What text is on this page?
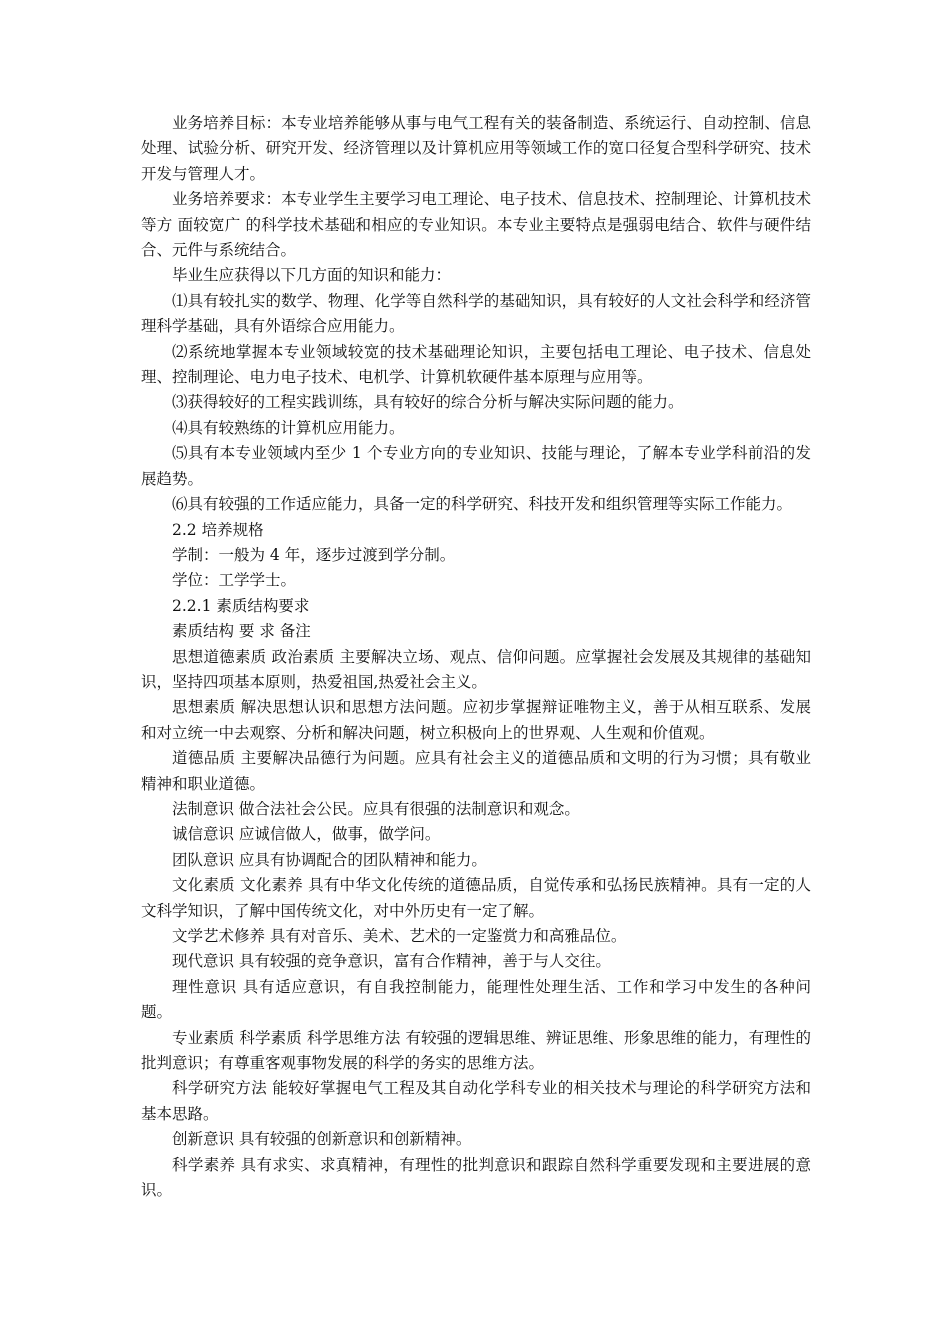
业务培养目标：本专业培养能够从事与电气工程有关的装备制造、系统运行、自动控制、信息处理、试验分析、研究开发、经济管理以及计算机应用等领域工作的宽口径复合型科学研究、技术开发与管理人才。

业务培养要求：本专业学生主要学习电工理论、电子技术、信息技术、控制理论、计算机技术等方 面较宽广 的科学技术基础和相应的专业知识。本专业主要特点是强弱电结合、软件与硬件结合、元件与系统结合。

毕业生应获得以下几方面的知识和能力：

⑴具有较扎实的数学、物理、化学等自然科学的基础知识，具有较好的人文社会科学和经济管理科学基础，具有外语综合应用能力。

⑵系统地掌握本专业领域较宽的技术基础理论知识，主要包括电工理论、电子技术、信息处理、控制理论、电力电子技术、电机学、计算机软硬件基本原理与应用等。

⑶获得较好的工程实践训练，具有较好的综合分析与解决实际问题的能力。

⑷具有较熟练的计算机应用能力。

⑸具有本专业领域内至少 1 个专业方向的专业知识、技能与理论，了解本专业学科前沿的发展趋势。

⑹具有较强的工作适应能力，具备一定的科学研究、科技开发和组织管理等实际工作能力。

2.2 培养规格

学制：一般为 4 年，逐步过渡到学分制。

学位：工学学士。

2.2.1 素质结构要求

素质结构 要 求 备注

思想道德素质 政治素质 主要解决立场、观点、信仰问题。应掌握社会发展及其规律的基础知识，坚持四项基本原则，热爱祖国,热爱社会主义。

思想素质 解决思想认识和思想方法问题。应初步掌握辩证唯物主义，善于从相互联系、发展和对立统一中去观察、分析和解决问题，树立积极向上的世界观、人生观和价值观。

道德品质 主要解决品德行为问题。应具有社会主义的道德品质和文明的行为习惯；具有敬业精神和职业道德。

法制意识 做合法社会公民。应具有很强的法制意识和观念。

诚信意识 应诚信做人，做事，做学问。

团队意识 应具有协调配合的团队精神和能力。

文化素质 文化素养 具有中华文化传统的道德品质，自觉传承和弘扬民族精神。具有一定的人文科学知识，了解中国传统文化，对中外历史有一定了解。

文学艺术修养 具有对音乐、美术、艺术的一定鉴赏力和高雅品位。

现代意识 具有较强的竞争意识，富有合作精神，善于与人交往。

理性意识 具有适应意识，有自我控制能力，能理性处理生活、工作和学习中发生的各种问题。

专业素质 科学素质 科学思维方法 有较强的逻辑思维、辨证思维、形象思维的能力，有理性的批判意识；有尊重客观事物发展的科学的务实的思维方法。

科学研究方法 能较好掌握电气工程及其自动化学科专业的相关技术与理论的科学研究方法和基本思路。

创新意识 具有较强的创新意识和创新精神。

科学素养 具有求实、求真精神，有理性的批判意识和跟踪自然科学重要发现和主要进展的意识。
